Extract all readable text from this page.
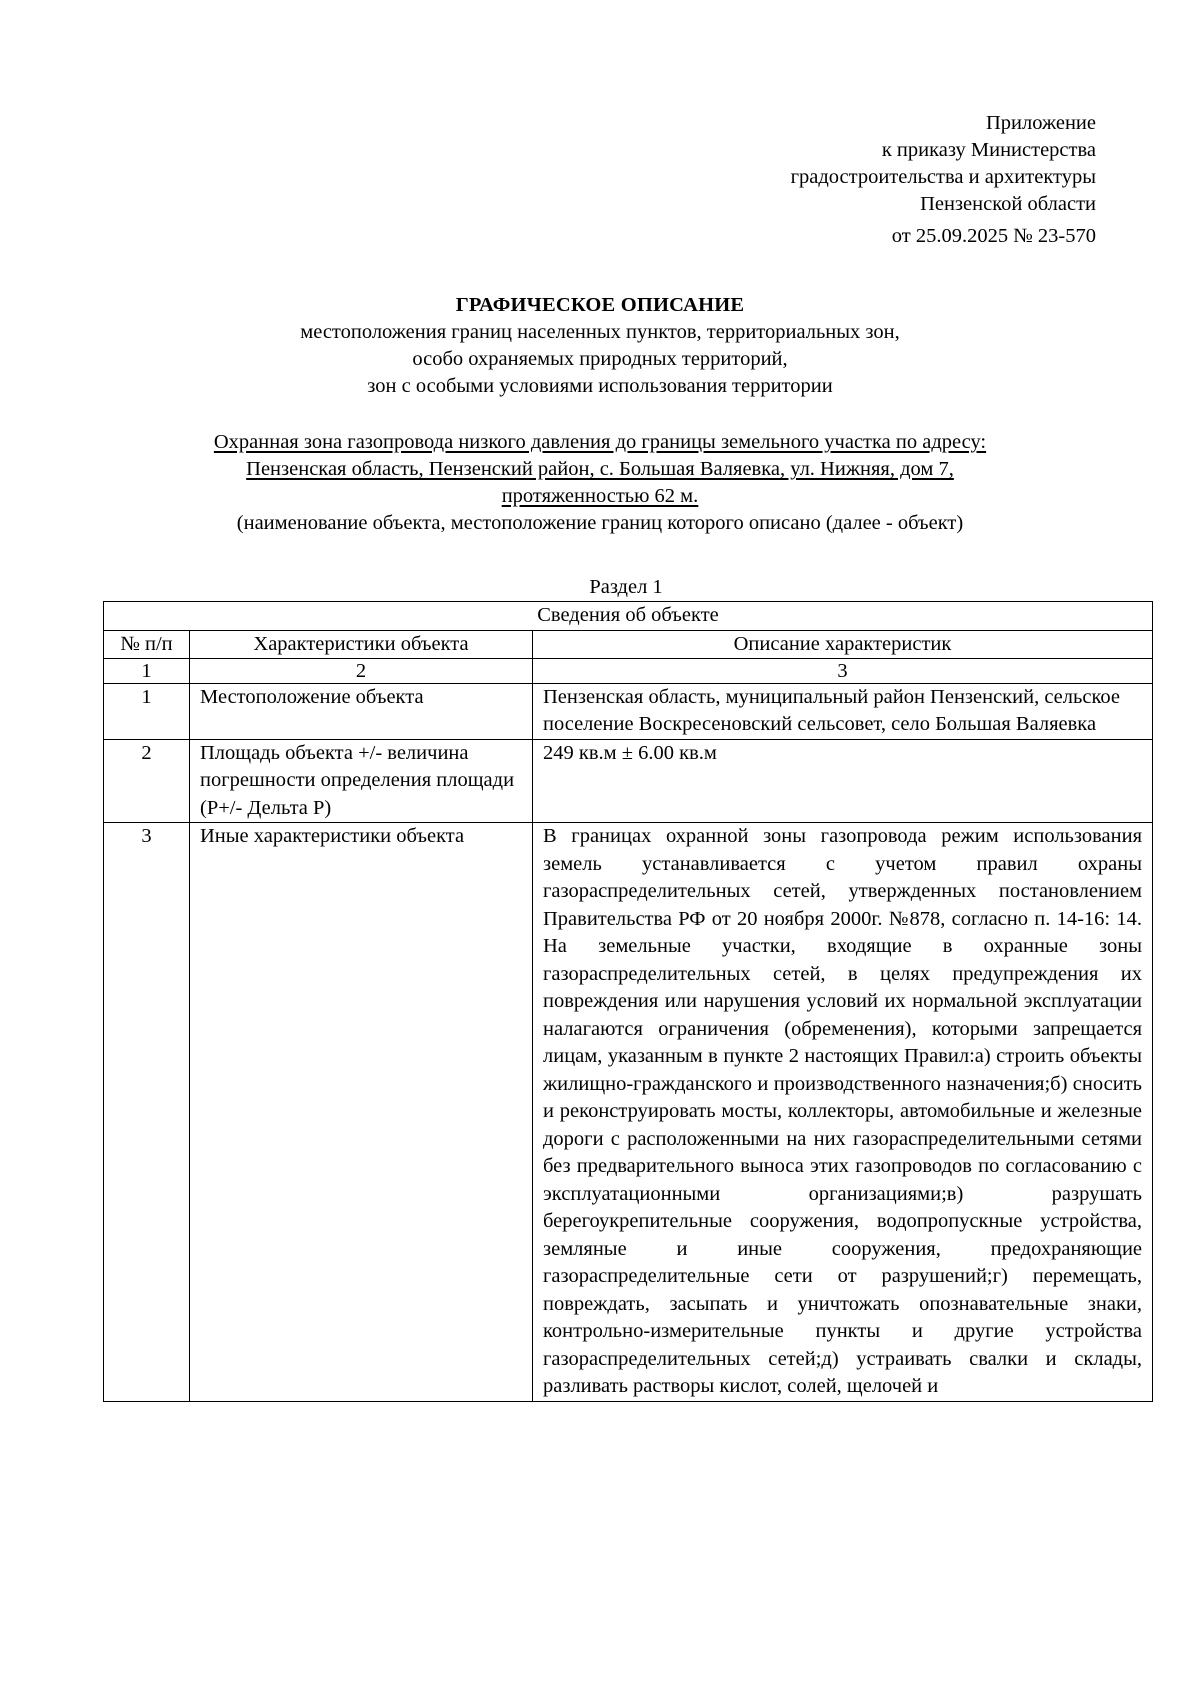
Приложение
к приказу Министерства
градостроительства и архитектуры
Пензенской области
от 25.09.2025 № 23-570
ГРАФИЧЕСКОЕ ОПИСАНИЕ
местоположения границ населенных пунктов, территориальных зон,
особо охраняемых природных территорий,
зон с особыми условиями использования территории
Охранная зона газопровода низкого давления до границы земельного участка по адресу:
Пензенская область, Пензенский район, с. Большая Валяевка, ул. Нижняя, дом 7,
протяженностью 62 м.
(наименование объекта, местоположение границ которого описано (далее - объект)
Раздел 1
Сведения об объекте		
№ п/п	Характеристики объекта	Описание характеристик
1	2	3
1	Местоположение объекта	Пензенская область, муниципальный район Пензенский, сельское поселение Воскресеновский сельсовет, село Большая Валяевка
2	Площадь объекта +/- величина погрешности определения площади (Р+/- Дельта Р)	249 кв.м ± 6.00 кв.м
3	Иные характеристики объекта	В границах охранной зоны газопровода режим использования земель устанавливается с учетом правил охраны газораспределительных сетей, утвержденных постановлением Правительства РФ от 20 ноября 2000г. №878, согласно п. 14-16: 14. На земельные участки, входящие в охранные зоны газораспределительных сетей, в целях предупреждения их повреждения или нарушения условий их нормальной эксплуатации налагаются ограничения (обременения), которыми запрещается лицам, указанным в пункте 2 настоящих Правил:а) строить объекты жилищно-гражданского и производственного назначения;б) сносить и реконструировать мосты, коллекторы, автомобильные и железные дороги с расположенными на них газораспределительными сетями без предварительного выноса этих газопроводов по согласованию с эксплуатационными организациями;в) разрушать берегоукрепительные сооружения, водопропускные устройства, земляные и иные сооружения, предохраняющие газораспределительные сети от разрушений;г) перемещать, повреждать, засыпать и уничтожать опознавательные знаки, контрольно-измерительные пункты и другие устройства газораспределительных сетей;д) устраивать свалки и склады, разливать растворы кислот, солей, щелочей и
